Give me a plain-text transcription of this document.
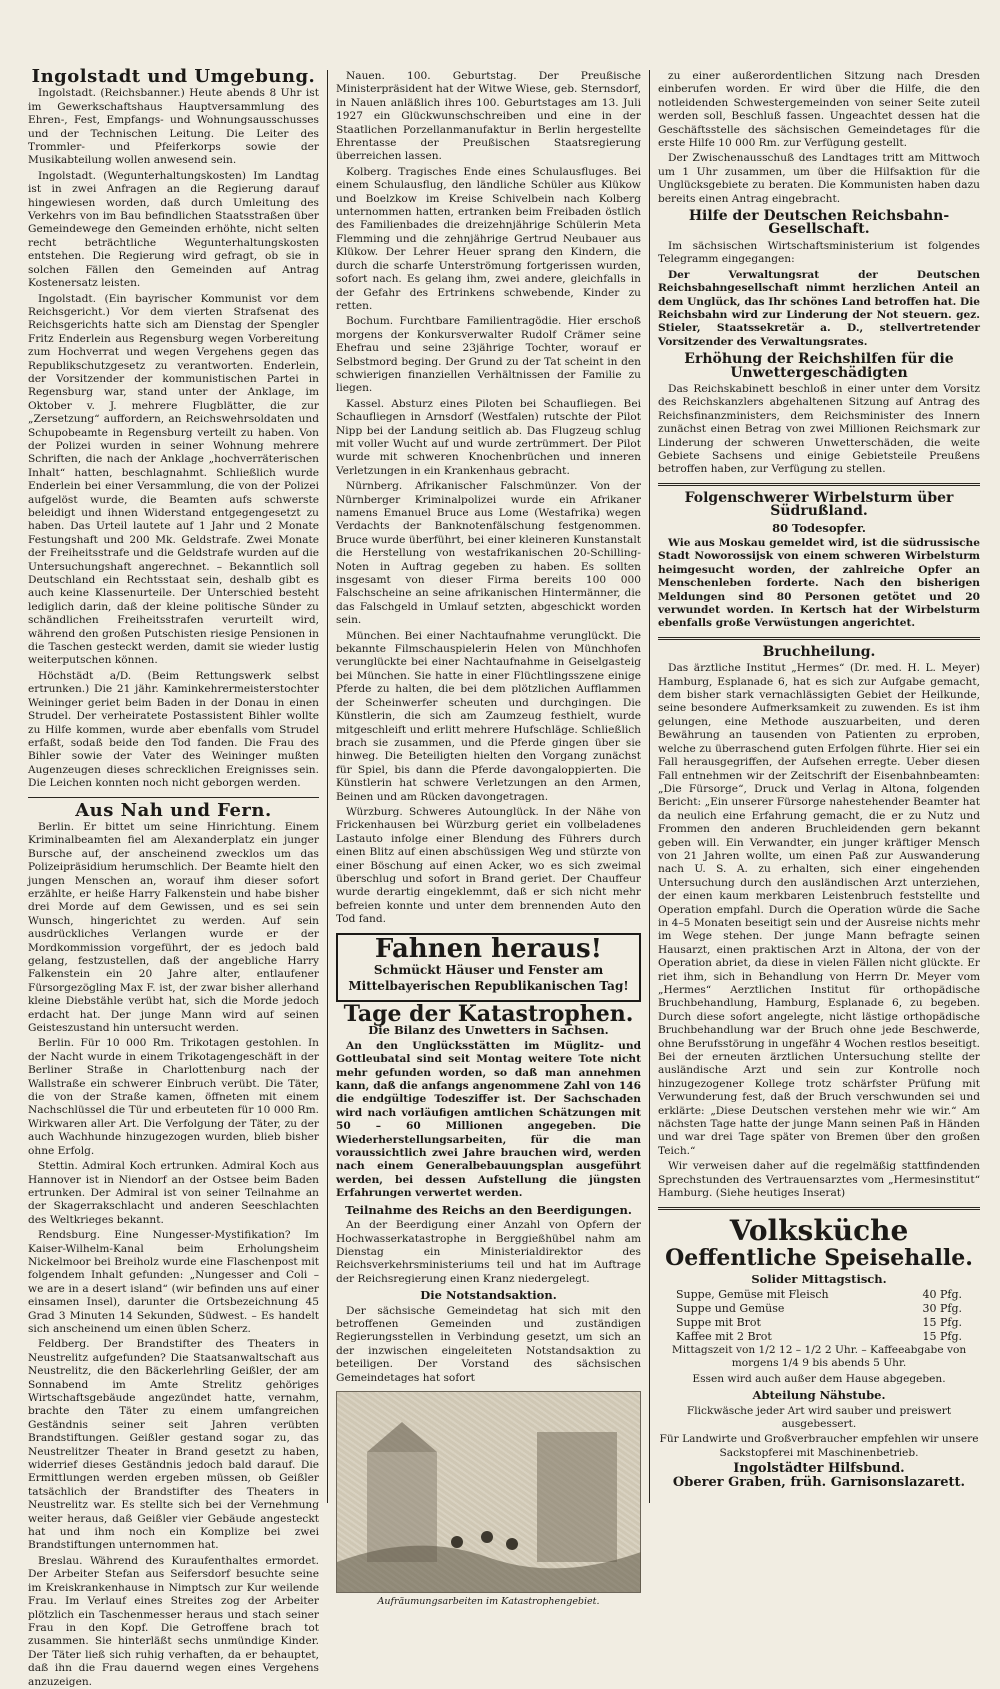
Ingolstadt und Umgebung.

Ingolstadt. (Reichsbanner.) Heute abends 8 Uhr ist im Gewerkschaftshaus Hauptversammlung des Ehren-, Fest, Empfangs- und Wohnungsausschusses und der Technischen Leitung. Die Leiter des Trommler- und Pfeiferkorps sowie der Musikabteilung wollen anwesend sein.

Ingolstadt. (Wegunterhaltungskosten) Im Landtag ist in zwei Anfragen an die Regierung darauf hingewiesen worden, daß durch Umleitung des Verkehrs von im Bau befindlichen Staatsstraßen über Gemeindewege den Gemeinden erhöhte, nicht selten recht beträchtliche Wegunterhaltungskosten entstehen. Die Regierung wird gefragt, ob sie in solchen Fällen den Gemeinden auf Antrag Kostenersatz leisten.

Ingolstadt. (Ein bayrischer Kommunist vor dem Reichsgericht.) Vor dem vierten Strafsenat des Reichsgerichts hatte sich am Dienstag der Spengler Fritz Enderlein aus Regensburg wegen Vorbereitung zum Hochverrat und wegen Vergehens gegen das Republikschutzgesetz zu verantworten. Enderlein, der Vorsitzender der kommunistischen Partei in Regensburg war, stand unter der Anklage, im Oktober v. J. mehrere Flugblätter, die zur „Zersetzung“ auffordern, an Reichswehrsoldaten und Schupobeamte in Regensburg verteilt zu haben. Von der Polizei wurden in seiner Wohnung mehrere Schriften, die nach der Anklage „hochverräterischen Inhalt“ hatten, beschlagnahmt. Schließlich wurde Enderlein bei einer Versammlung, die von der Polizei aufgelöst wurde, die Beamten aufs schwerste beleidigt und ihnen Widerstand entgegengesetzt zu haben. Das Urteil lautete auf 1 Jahr und 2 Monate Festungshaft und 200 Mk. Geldstrafe. Zwei Monate der Freiheitsstrafe und die Geldstrafe wurden auf die Untersuchungshaft angerechnet. – Bekanntlich soll Deutschland ein Rechtsstaat sein, deshalb gibt es auch keine Klassenurteile. Der Unterschied besteht lediglich darin, daß der kleine politische Sünder zu schändlichen Freiheitsstrafen verurteilt wird, während den großen Putschisten riesige Pensionen in die Taschen gesteckt werden, damit sie wieder lustig weiterputschen können.

Höchstädt a/D. (Beim Rettungswerk selbst ertrunken.) Die 21 jähr. Kaminkehrermeisterstochter Weininger geriet beim Baden in der Donau in einen Strudel. Der verheiratete Postassistent Bihler wollte zu Hilfe kommen, wurde aber ebenfalls vom Strudel erfaßt, sodaß beide den Tod fanden. Die Frau des Bihler sowie der Vater des Weininger mußten Augenzeugen dieses schrecklichen Ereignisses sein. Die Leichen konnten noch nicht geborgen werden.

Aus Nah und Fern.

Berlin. Er bittet um seine Hinrichtung. Einem Kriminalbeamten fiel am Alexanderplatz ein junger Bursche auf, der anscheinend zwecklos um das Polizeipräsidium herumschlich. Der Beamte hielt den jungen Menschen an, worauf ihm dieser sofort erzählte, er heiße Harry Falkenstein und habe bisher drei Morde auf dem Gewissen, und es sei sein Wunsch, hingerichtet zu werden. Auf sein ausdrückliches Verlangen wurde er der Mordkommission vorgeführt, der es jedoch bald gelang, festzustellen, daß der angebliche Harry Falkenstein ein 20 Jahre alter, entlaufener Fürsorgezögling Max F. ist, der zwar bisher allerhand kleine Diebstähle verübt hat, sich die Morde jedoch erdacht hat. Der junge Mann wird auf seinen Geisteszustand hin untersucht werden.

Berlin. Für 10 000 Rm. Trikotagen gestohlen. In der Nacht wurde in einem Trikotagengeschäft in der Berliner Straße in Charlottenburg nach der Wallstraße ein schwerer Einbruch verübt. Die Täter, die von der Straße kamen, öffneten mit einem Nachschlüssel die Tür und erbeuteten für 10 000 Rm. Wirkwaren aller Art. Die Verfolgung der Täter, zu der auch Wachhunde hinzugezogen wurden, blieb bisher ohne Erfolg.

Stettin. Admiral Koch ertrunken. Admiral Koch aus Hannover ist in Niendorf an der Ostsee beim Baden ertrunken. Der Admiral ist von seiner Teilnahme an der Skagerrakschlacht und anderen Seeschlachten des Weltkrieges bekannt.

Rendsburg. Eine Nungesser-Mystifikation? Im Kaiser-Wilhelm-Kanal beim Erholungsheim Nickelmoor bei Breiholz wurde eine Flaschenpost mit folgendem Inhalt gefunden: „Nungesser and Coli – we are in a desert island“ (wir befinden uns auf einer einsamen Insel), darunter die Ortsbezeichnung 45 Grad 3 Minuten 14 Sekunden, Südwest. – Es handelt sich anscheinend um einen üblen Scherz.

Feldberg. Der Brandstifter des Theaters in Neustrelitz aufgefunden? Die Staatsanwaltschaft aus Neustrelitz, die den Bäckerlehrling Geißler, der am Sonnabend im Amte Strelitz gehöriges Wirtschaftsgebäude angezündet hatte, vernahm, brachte den Täter zu einem umfangreichen Geständnis seiner seit Jahren verübten Brandstiftungen. Geißler gestand sogar zu, das Neustrelitzer Theater in Brand gesetzt zu haben, widerrief dieses Geständnis jedoch bald darauf. Die Ermittlungen werden ergeben müssen, ob Geißler tatsächlich der Brandstifter des Theaters in Neustrelitz war. Es stellte sich bei der Vernehmung weiter heraus, daß Geißler vier Gebäude angesteckt hat und ihm noch ein Komplize bei zwei Brandstiftungen unternommen hat.

Breslau. Während des Kuraufenthaltes ermordet. Der Arbeiter Stefan aus Seifersdorf besuchte seine im Kreiskrankenhause in Nimptsch zur Kur weilende Frau. Im Verlauf eines Streites zog der Arbeiter plötzlich ein Taschenmesser heraus und stach seiner Frau in den Kopf. Die Getroffene brach tot zusammen. Sie hinterläßt sechs unmündige Kinder. Der Täter ließ sich ruhig verhaften, da er behauptet, daß ihn die Frau dauernd wegen eines Vergehens anzuzeigen.

Nauen. 100. Geburtstag. Der Preußische Ministerpräsident hat der Witwe Wiese, geb. Sternsdorf, in Nauen anläßlich ihres 100. Geburtstages am 13. Juli 1927 ein Glückwunschschreiben und eine in der Staatlichen Porzellanmanufaktur in Berlin hergestellte Ehrentasse der Preußischen Staatsregierung überreichen lassen.

Kolberg. Tragisches Ende eines Schulausfluges. Bei einem Schulausflug, den ländliche Schüler aus Klükow und Boelzkow im Kreise Schivelbein nach Kolberg unternommen hatten, ertranken beim Freibaden östlich des Familienbades die dreizehnjährige Schülerin Meta Flemming und die zehnjährige Gertrud Neubauer aus Klükow. Der Lehrer Heuer sprang den Kindern, die durch die scharfe Unterströmung fortgerissen wurden, sofort nach. Es gelang ihm, zwei andere, gleichfalls in der Gefahr des Ertrinkens schwebende, Kinder zu retten.

Bochum. Furchtbare Familientragödie. Hier erschoß morgens der Konkursverwalter Rudolf Crämer seine Ehefrau und seine 23jährige Tochter, worauf er Selbstmord beging. Der Grund zu der Tat scheint in den schwierigen finanziellen Verhältnissen der Familie zu liegen.

Kassel. Absturz eines Piloten bei Schaufliegen. Bei Schaufliegen in Arnsdorf (Westfalen) rutschte der Pilot Nipp bei der Landung seitlich ab. Das Flugzeug schlug mit voller Wucht auf und wurde zertrümmert. Der Pilot wurde mit schweren Knochenbrüchen und inneren Verletzungen in ein Krankenhaus gebracht.

Nürnberg. Afrikanischer Falschmünzer. Von der Nürnberger Kriminalpolizei wurde ein Afrikaner namens Emanuel Bruce aus Lome (Westafrika) wegen Verdachts der Banknotenfälschung festgenommen. Bruce wurde überführt, bei einer kleineren Kunstanstalt die Herstellung von westafrikanischen 20-Schilling-Noten in Auftrag gegeben zu haben. Es sollten insgesamt von dieser Firma bereits 100 000 Falschscheine an seine afrikanischen Hintermänner, die das Falschgeld in Umlauf setzten, abgeschickt worden sein.

München. Bei einer Nachtaufnahme verunglückt. Die bekannte Filmschauspielerin Helen von Münchhofen verunglückte bei einer Nachtaufnahme in Geiselgasteig bei München. Sie hatte in einer Flüchtlingsszene einige Pferde zu halten, die bei dem plötzlichen Aufflammen der Scheinwerfer scheuten und durchgingen. Die Künstlerin, die sich am Zaumzeug festhielt, wurde mitgeschleift und erlitt mehrere Hufschläge. Schließlich brach sie zusammen, und die Pferde gingen über sie hinweg. Die Beteiligten hielten den Vorgang zunächst für Spiel, bis dann die Pferde davongaloppierten. Die Künstlerin hat schwere Verletzungen an den Armen, Beinen und am Rücken davongetragen.

Würzburg. Schweres Autounglück. In der Nähe von Frickenhausen bei Würzburg geriet ein vollbeladenes Lastauto infolge einer Blendung des Führers durch einen Blitz auf einen abschüssigen Weg und stürzte von einer Böschung auf einen Acker, wo es sich zweimal überschlug und sofort in Brand geriet. Der Chauffeur wurde derartig eingeklemmt, daß er sich nicht mehr befreien konnte und unter dem brennenden Auto den Tod fand.

Fahnen heraus!
Schmückt Häuser und Fenster am Mittelbayerischen Republikanischen Tag!
Tage der Katastrophen.
Die Bilanz des Unwetters in Sachsen.

An den Unglücksstätten im Müglitz- und Gottleubatal sind seit Montag weitere Tote nicht mehr gefunden worden, so daß man annehmen kann, daß die anfangs angenommene Zahl von 146 die endgültige Todesziffer ist. Der Sachschaden wird nach vorläufigen amtlichen Schätzungen mit 50 – 60 Millionen angegeben. Die Wiederherstellungsarbeiten, für die man voraussichtlich zwei Jahre brauchen wird, werden nach einem Generalbebauungsplan ausgeführt werden, bei dessen Aufstellung die jüngsten Erfahrungen verwertet werden.

Teilnahme des Reichs an den Beerdigungen.

An der Beerdigung einer Anzahl von Opfern der Hochwasserkatastrophe in Berggießhübel nahm am Dienstag ein Ministerialdirektor des Reichsverkehrsministeriums teil und hat im Auftrage der Reichsregierung einen Kranz niedergelegt.

Die Notstandsaktion.

Der sächsische Gemeindetag hat sich mit den betroffenen Gemeinden und zuständigen Regierungsstellen in Verbindung gesetzt, um sich an der inzwischen eingeleiteten Notstandsaktion zu beteiligen. Der Vorstand des sächsischen Gemeindetages hat sofort

Aufräumungsarbeiten im Katastrophengebiet.

zu einer außerordentlichen Sitzung nach Dresden einberufen worden. Er wird über die Hilfe, die den notleidenden Schwestergemeinden von seiner Seite zuteil werden soll, Beschluß fassen. Ungeachtet dessen hat die Geschäftsstelle des sächsischen Gemeindetages für die erste Hilfe 10 000 Rm. zur Verfügung gestellt.

Der Zwischenausschuß des Landtages tritt am Mittwoch um 1 Uhr zusammen, um über die Hilfsaktion für die Unglücksgebiete zu beraten. Die Kommunisten haben dazu bereits einen Antrag eingebracht.

Hilfe der Deutschen Reichsbahn-Gesellschaft.

Im sächsischen Wirtschaftsministerium ist folgendes Telegramm eingegangen:

Der Verwaltungsrat der Deutschen Reichsbahngesellschaft nimmt herzlichen Anteil an dem Unglück, das Ihr schönes Land betroffen hat. Die Reichsbahn wird zur Linderung der Not steuern. gez. Stieler, Staatssekretär a. D., stellvertretender Vorsitzender des Verwaltungsrates.

Erhöhung der Reichshilfen für die Unwettergeschädigten

Das Reichskabinett beschloß in einer unter dem Vorsitz des Reichskanzlers abgehaltenen Sitzung auf Antrag des Reichsfinanzministers, dem Reichsminister des Innern zunächst einen Betrag von zwei Millionen Reichsmark zur Linderung der schweren Unwetterschäden, die weite Gebiete Sachsens und einige Gebietsteile Preußens betroffen haben, zur Verfügung zu stellen.

Folgenschwerer Wirbelsturm über Südrußland.
80 Todesopfer.

Wie aus Moskau gemeldet wird, ist die südrussische Stadt Noworossijsk von einem schweren Wirbelsturm heimgesucht worden, der zahlreiche Opfer an Menschenleben forderte. Nach den bisherigen Meldungen sind 80 Personen getötet und 20 verwundet worden. In Kertsch hat der Wirbelsturm ebenfalls große Verwüstungen angerichtet.

Bruchheilung.

Das ärztliche Institut „Hermes“ (Dr. med. H. L. Meyer) Hamburg, Esplanade 6, hat es sich zur Aufgabe gemacht, dem bisher stark vernachlässigten Gebiet der Heilkunde, seine besondere Aufmerksamkeit zu zuwenden. Es ist ihm gelungen, eine Methode auszuarbeiten, und deren Bewährung an tausenden von Patienten zu erproben, welche zu überraschend guten Erfolgen führte. Hier sei ein Fall herausgegriffen, der Aufsehen erregte. Ueber diesen Fall entnehmen wir der Zeitschrift der Eisenbahnbeamten: „Die Fürsorge“, Druck und Verlag in Altona, folgenden Bericht: „Ein unserer Fürsorge nahestehender Beamter hat da neulich eine Erfahrung gemacht, die er zu Nutz und Frommen den anderen Bruchleidenden gern bekannt geben will. Ein Verwandter, ein junger kräftiger Mensch von 21 Jahren wollte, um einen Paß zur Auswanderung nach U. S. A. zu erhalten, sich einer eingehenden Untersuchung durch den ausländischen Arzt unterziehen, der einen kaum merkbaren Leistenbruch feststellte und Operation empfahl. Durch die Operation würde die Sache in 4–5 Monaten beseitigt sein und der Ausreise nichts mehr im Wege stehen. Der junge Mann befragte seinen Hausarzt, einen praktischen Arzt in Altona, der von der Operation abriet, da diese in vielen Fällen nicht glückte. Er riet ihm, sich in Behandlung von Herrn Dr. Meyer vom „Hermes“ Aerztlichen Institut für orthopädische Bruchbehandlung, Hamburg, Esplanade 6, zu begeben. Durch diese sofort angelegte, nicht lästige orthopädische Bruchbehandlung war der Bruch ohne jede Beschwerde, ohne Berufsstörung in ungefähr 4 Wochen restlos beseitigt. Bei der erneuten ärztlichen Untersuchung stellte der ausländische Arzt und sein zur Kontrolle noch hinzugezogener Kollege trotz schärfster Prüfung mit Verwunderung fest, daß der Bruch verschwunden sei und erklärte: „Diese Deutschen verstehen mehr wie wir.“ Am nächsten Tage hatte der junge Mann seinen Paß in Händen und war drei Tage später von Bremen über den großen Teich.“

Wir verweisen daher auf die regelmäßig stattfindenden Sprechstunden des Vertrauensarztes vom „Hermesinstitut“ Hamburg. (Siehe heutiges Inserat)

Volksküche
Oeffentliche Speisehalle.
Solider Mittagstisch.
Suppe, Gemüse mit Fleisch	40 Pfg.
Suppe und Gemüse	30 Pfg.
Suppe mit Brot	15 Pfg.
Kaffee mit 2 Brot	15 Pfg.

Mittagszeit von 1/2 12 – 1/2 2 Uhr. – Kaffeeabgabe von morgens 1/4 9 bis abends 5 Uhr.

Essen wird auch außer dem Hause abgegeben.

Abteilung Nähstube.

Flickwäsche jeder Art wird sauber und preiswert ausgebessert.

Für Landwirte und Großverbraucher empfehlen wir unsere Sackstopferei mit Maschinenbetrieb.

Ingolstädter Hilfsbund.
Oberer Graben, früh. Garnisonslazarett.
